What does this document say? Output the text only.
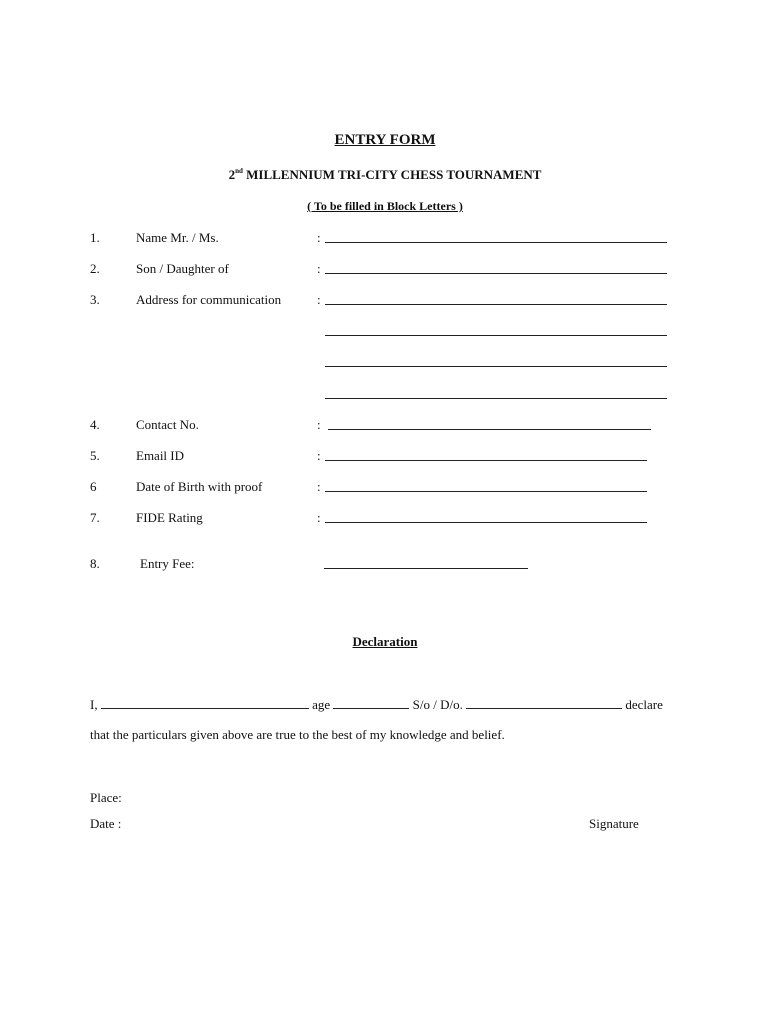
ENTRY FORM
2nd MILLENNIUM TRI-CITY CHESS TOURNAMENT
( To be filled in Block Letters )
1.	Name Mr. / Ms.	:
2.	Son / Daughter of	:
3.	Address for communication	:
4.	Contact No.	:
5.	Email ID	:
6	Date of Birth with proof	:
7.	FIDE Rating	:
8.	Entry Fee:
Declaration
I,	age	S/o / D/o.	declare
that the particulars given above are true to the best of my knowledge and belief.
Place:
Date :	Signature
